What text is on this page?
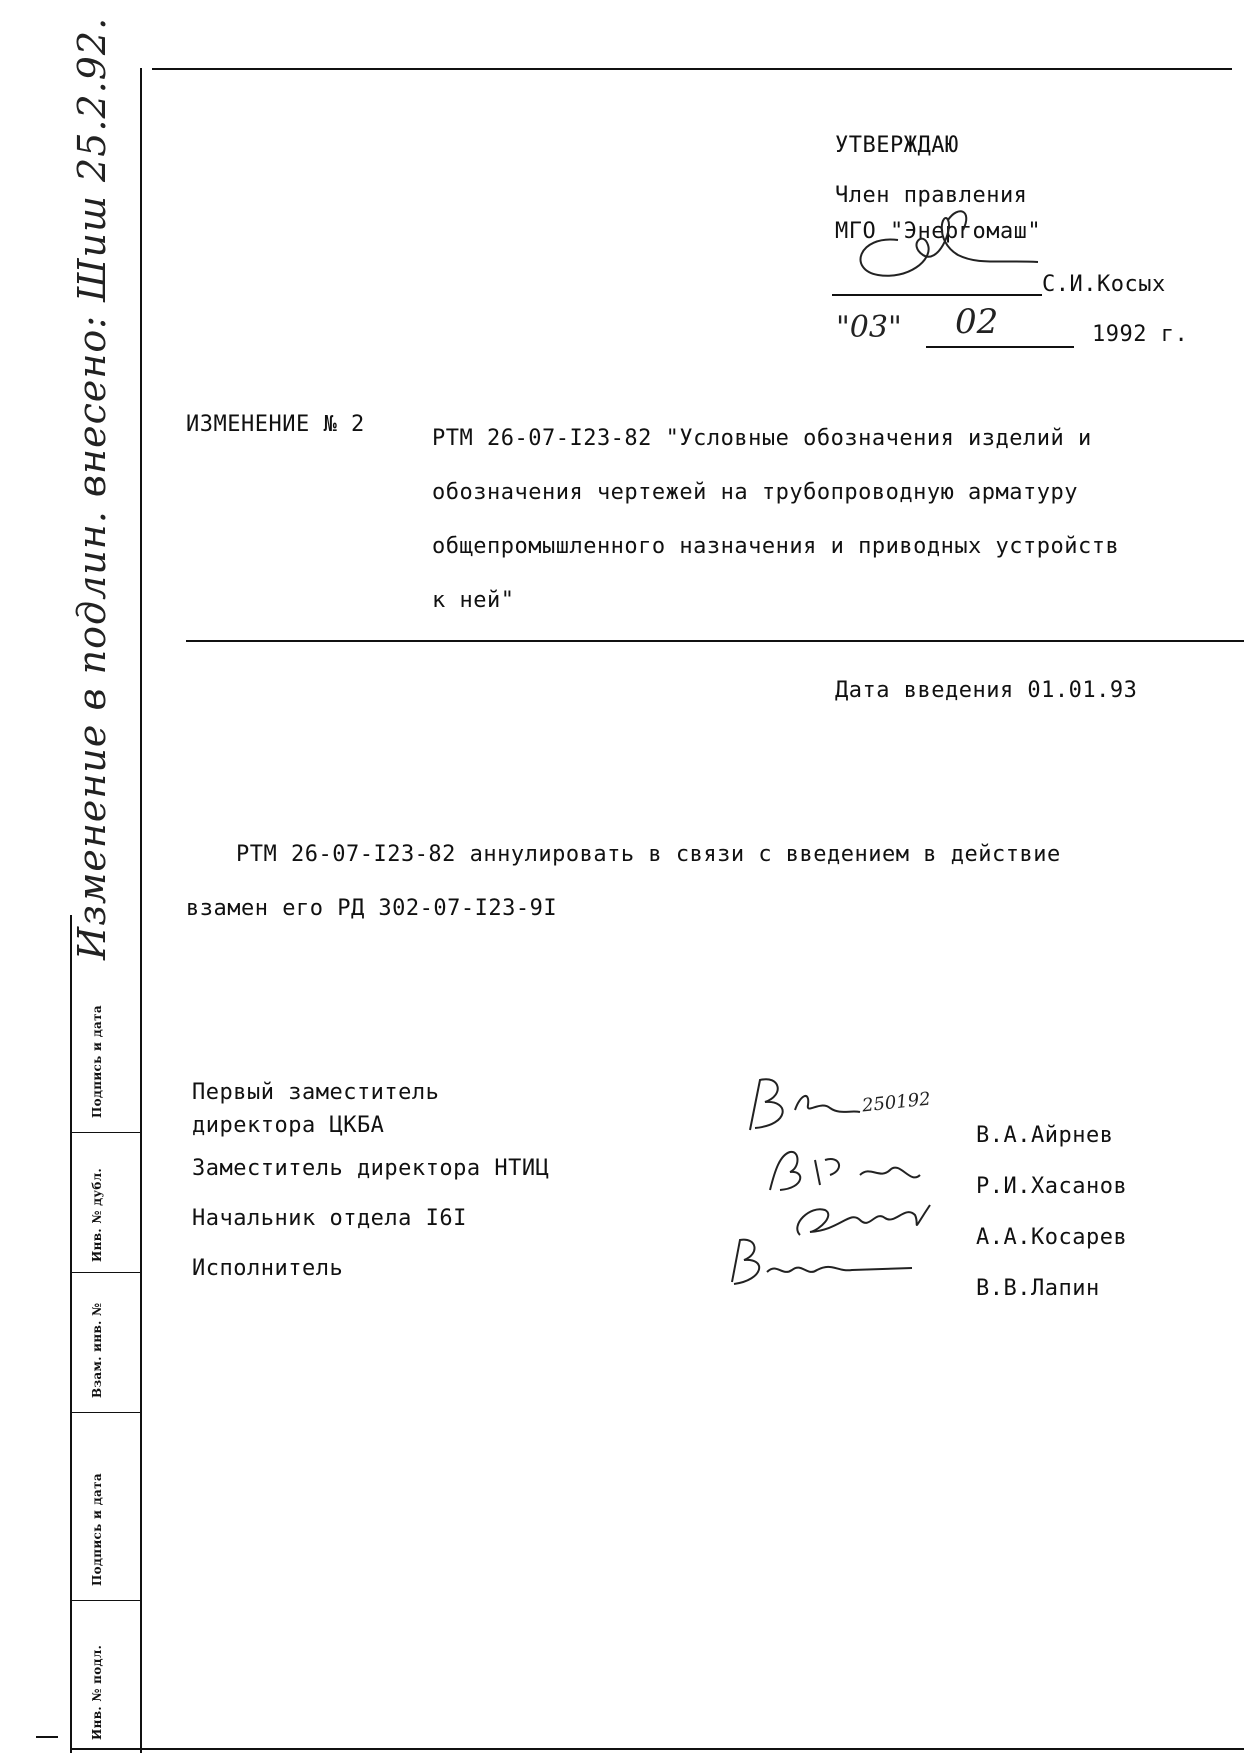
Подпись и дата
Инв. № дубл.
Взам. инв. №
Подпись и дата
Инв. № подл.
Изменение в подлин. внесено: Шиш 25.2.92.	УТВЕРЖДАЮ
Член правления
МГО "Энергомаш"
С.И.Косых
"03" 02	1992 г.
ИЗМЕНЕНИЕ № 2
РТМ 26-07-I23-82 "Условные обозначения изделий и
обозначения чертежей на трубопроводную арматуру
общепромышленного назначения и приводных устройств
к ней"
Дата введения 01.01.93
РТМ 26-07-I23-82 аннулировать в связи с введением в действие
взамен его РД 302-07-I23-9I
Первый заместитель
директора ЦКБА
Заместитель директора НТИЦ
Начальник отдела I6I
Исполнитель
В.А.Айрнев
Р.И.Хасанов
А.А.Косарев
В.В.Лапин
250192
